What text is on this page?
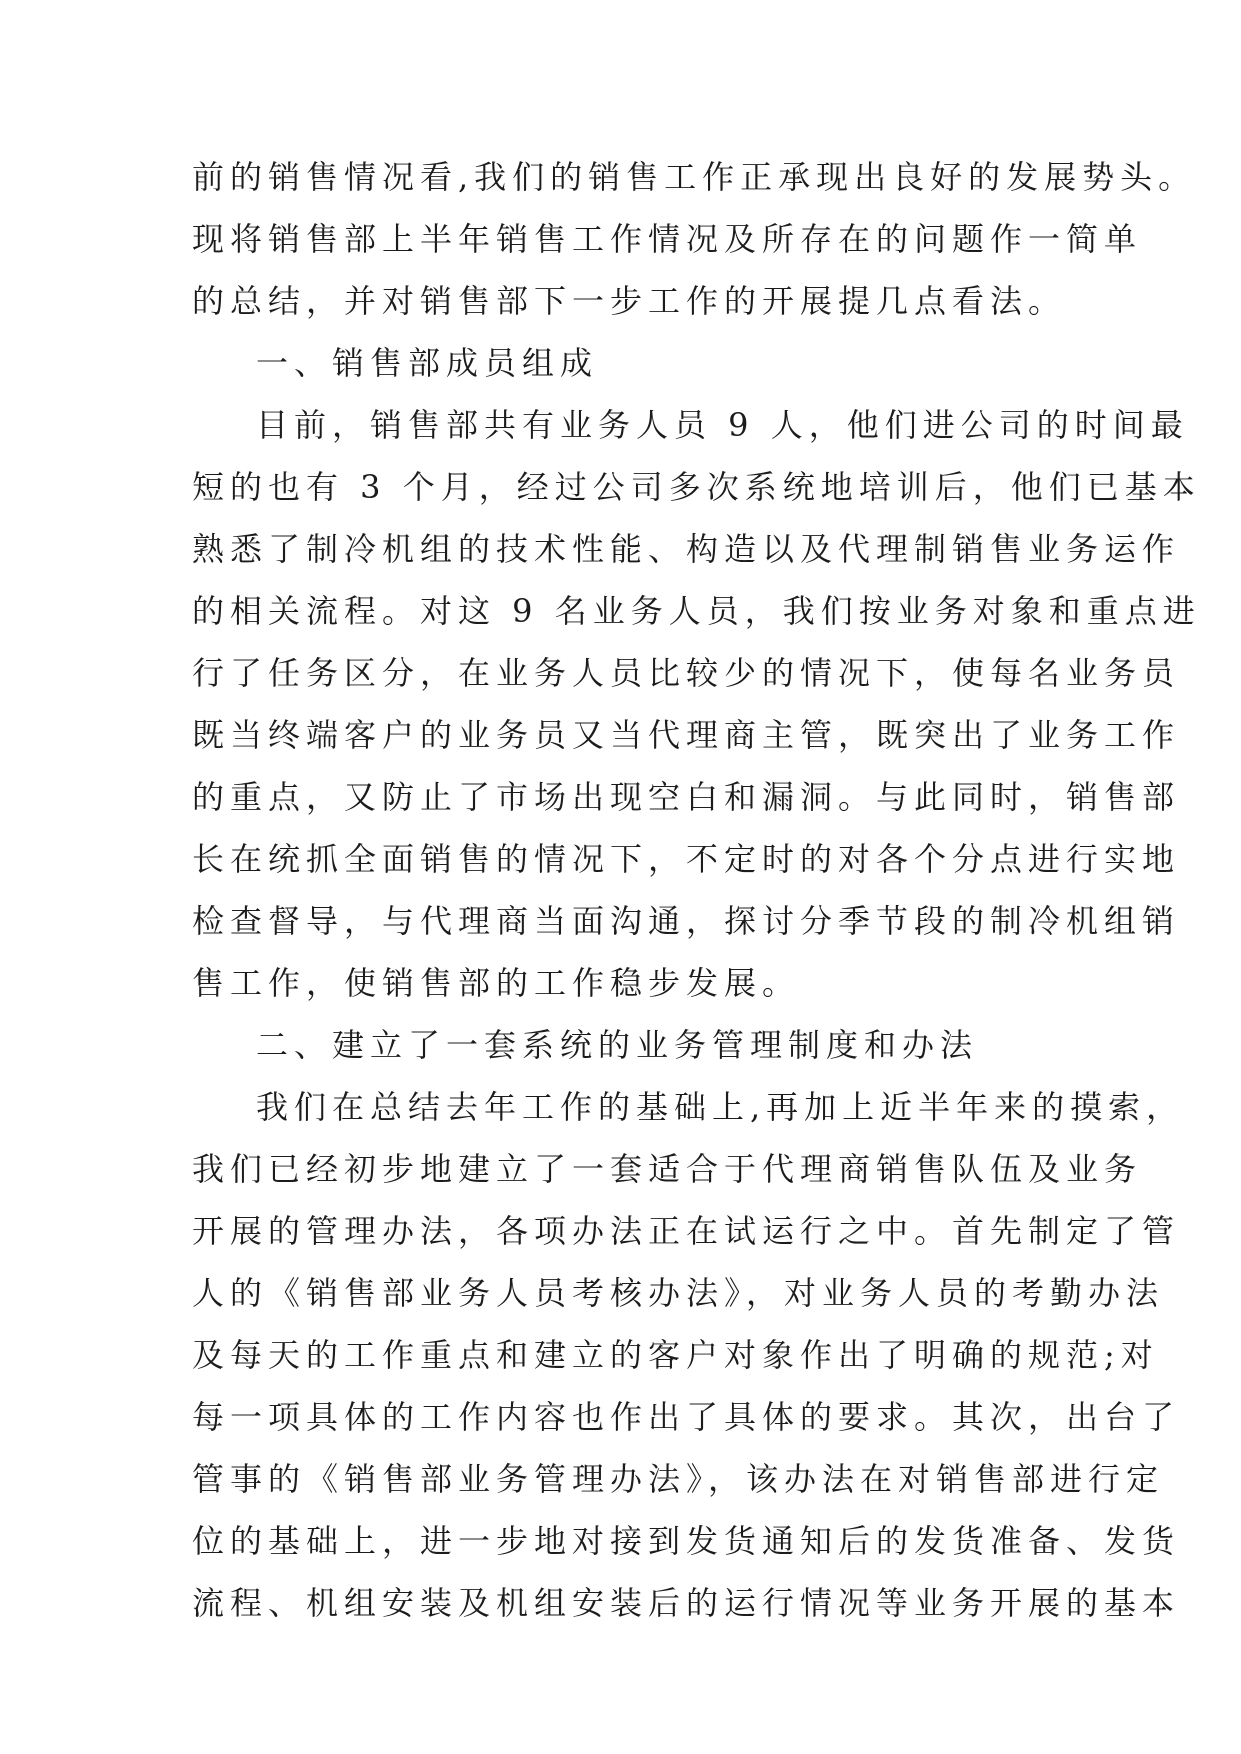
前的销售情况看,我们的销售工作正承现出良好的发展势头。
现将销售部上半年销售工作情况及所存在的问题作一简单
的总结，并对销售部下一步工作的开展提几点看法。
一、销售部成员组成
目前，销售部共有业务人员 9 人，他们进公司的时间最
短的也有 3 个月，经过公司多次系统地培训后，他们已基本
熟悉了制冷机组的技术性能、构造以及代理制销售业务运作
的相关流程。对这 9 名业务人员，我们按业务对象和重点进
行了任务区分，在业务人员比较少的情况下，使每名业务员
既当终端客户的业务员又当代理商主管，既突出了业务工作
的重点，又防止了市场出现空白和漏洞。与此同时，销售部
长在统抓全面销售的情况下，不定时的对各个分点进行实地
检查督导，与代理商当面沟通，探讨分季节段的制冷机组销
售工作，使销售部的工作稳步发展。
二、建立了一套系统的业务管理制度和办法
我们在总结去年工作的基础上,再加上近半年来的摸索，
我们已经初步地建立了一套适合于代理商销售队伍及业务
开展的管理办法，各项办法正在试运行之中。首先制定了管
人的《销售部业务人员考核办法》，对业务人员的考勤办法
及每天的工作重点和建立的客户对象作出了明确的规范;对
每一项具体的工作内容也作出了具体的要求。其次，出台了
管事的《销售部业务管理办法》，该办法在对销售部进行定
位的基础上，进一步地对接到发货通知后的发货准备、发货
流程、机组安装及机组安装后的运行情况等业务开展的基本
